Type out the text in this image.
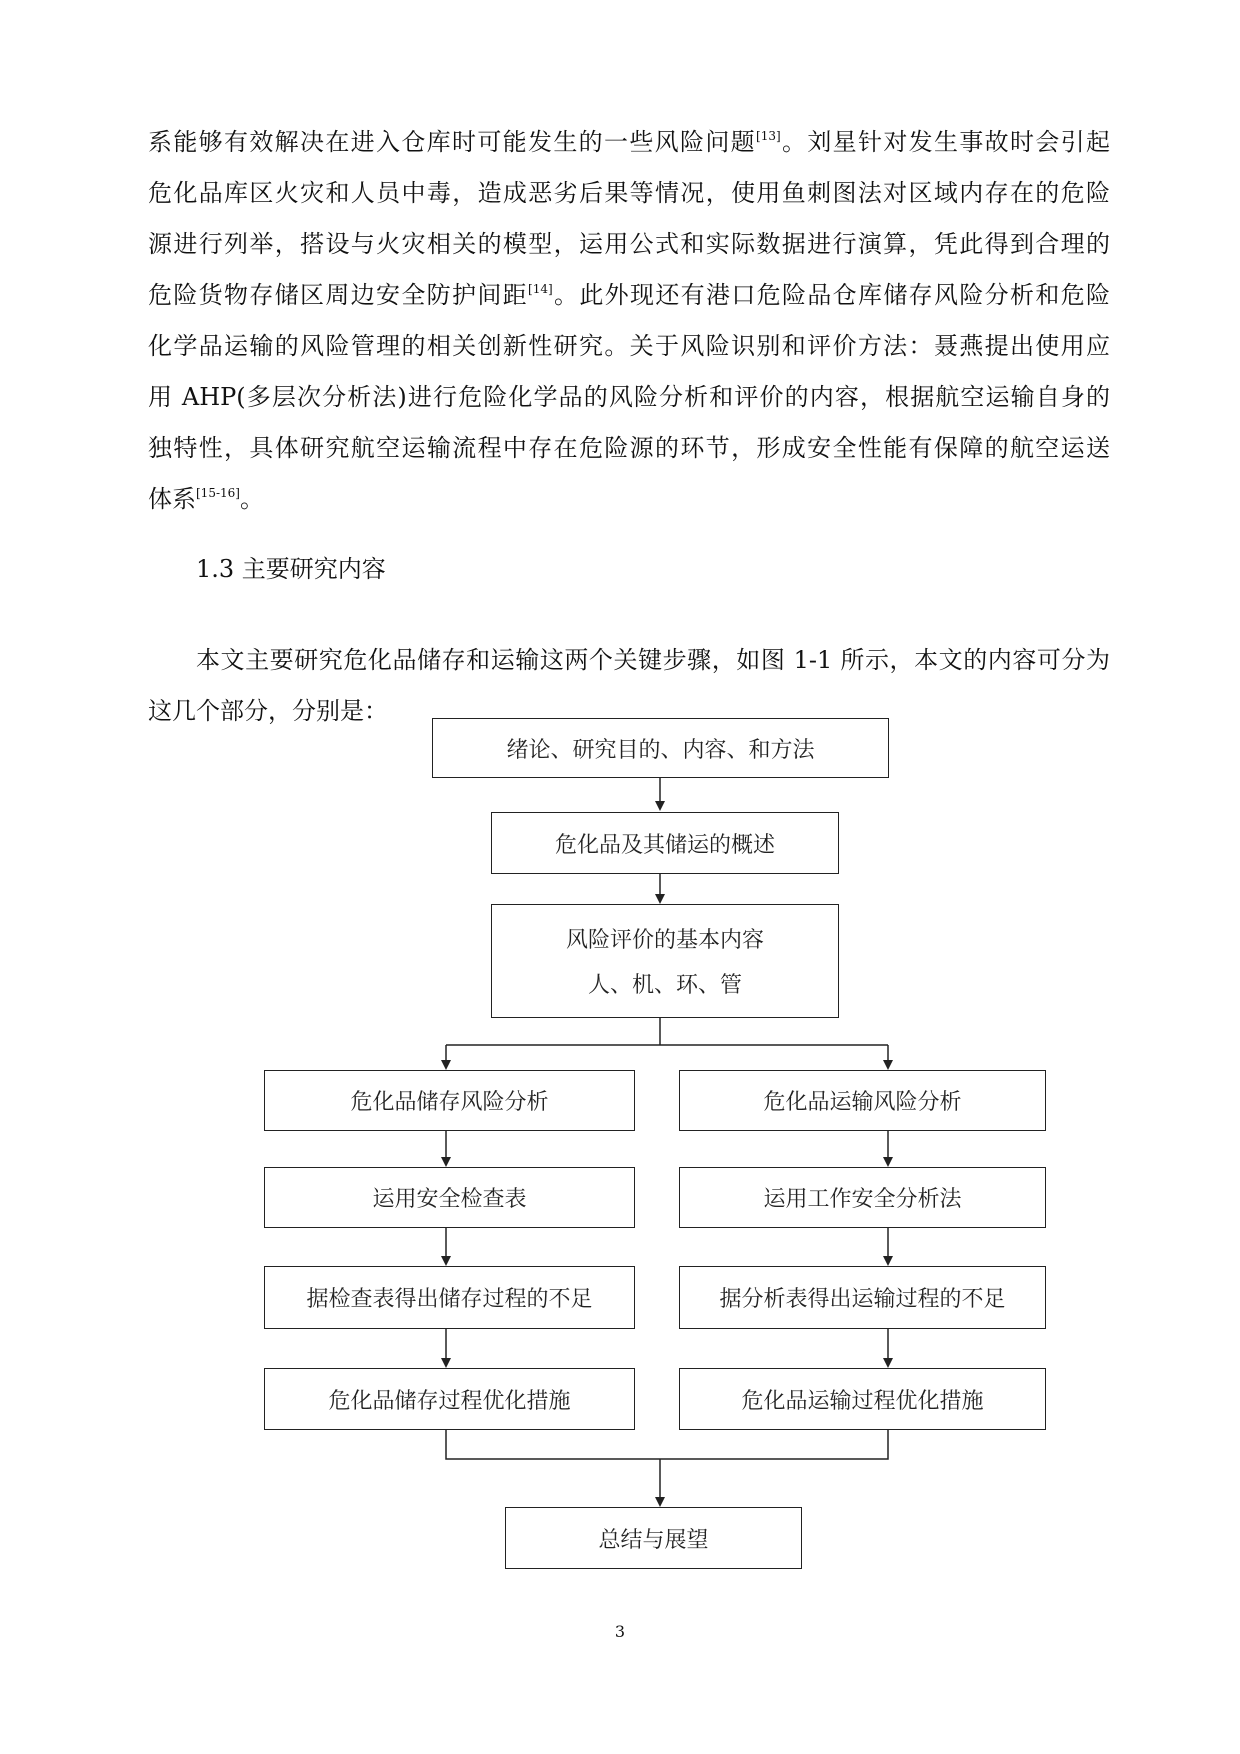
系能够有效解决在进入仓库时可能发生的一些风险问题[13]。刘星针对发生事故时会引起
危化品库区火灾和人员中毒，造成恶劣后果等情况，使用鱼刺图法对区域内存在的危险
源进行列举，搭设与火灾相关的模型，运用公式和实际数据进行演算，凭此得到合理的
危险货物存储区周边安全防护间距[14]。此外现还有港口危险品仓库储存风险分析和危险
化学品运输的风险管理的相关创新性研究。关于风险识别和评价方法：聂燕提出使用应
用 AHP(多层次分析法)进行危险化学品的风险分析和评价的内容，根据航空运输自身的
独特性，具体研究航空运输流程中存在危险源的环节，形成安全性能有保障的航空运送
体系[15-16]。
1.3 主要研究内容
本文主要研究危化品储存和运输这两个关键步骤，如图 1-1 所示，本文的内容可分为
这几个部分，分别是：
绪论、研究目的、内容、和方法
危化品及其储运的概述
风险评价的基本内容
人、机、环、管
危化品储存风险分析
运用安全检查表
据检查表得出储存过程的不足
危化品储存过程优化措施
危化品运输风险分析
运用工作安全分析法
据分析表得出运输过程的不足
危化品运输过程优化措施
总结与展望
3
